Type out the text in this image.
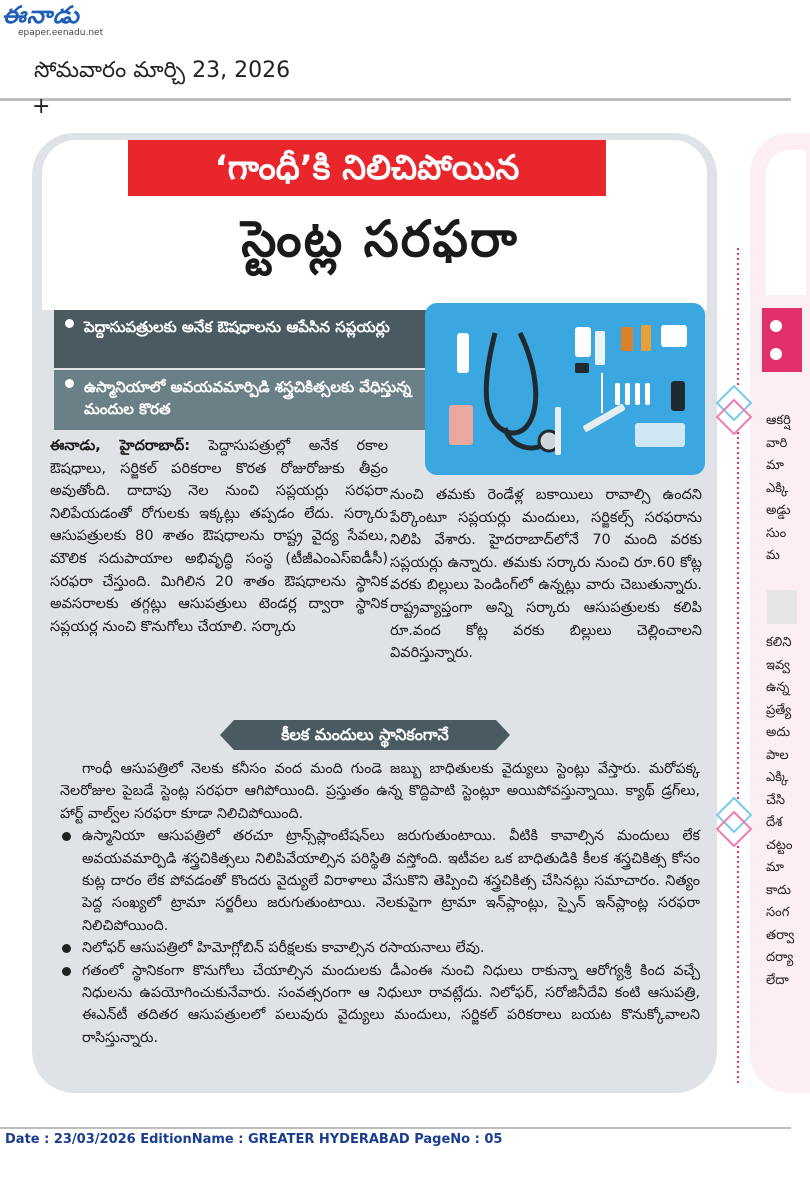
ఈనాడు
epaper.eenadu.net
సోమవారం మార్చి 23, 2026
+
‘గాంధీ’కి నిలిచిపోయిన
స్టెంట్ల సరఫరా
పెద్దాసుపత్రులకు అనేక ఔషధాలను ఆపేసిన సప్లయర్లు
ఉస్మానియాలో అవయవమార్పిడి శస్త్రచికిత్సలకు వేధిస్తున్న మందుల కొరత
ఈనాడు, హైదరాబాద్: పెద్దాసుపత్రుల్లో అనేక రకాల ఔషధాలు, సర్జికల్ పరికరాల కొరత రోజురోజుకు తీవ్రం అవుతోంది. దాదాపు నెల నుంచి సప్లయర్లు సరఫరా నిలిపేయడంతో రోగులకు ఇక్కట్లు తప్పడం లేదు. సర్కారు ఆసుపత్రులకు 80 శాతం ఔషధాలను రాష్ట్ర వైద్య సేవలు, మౌలిక సదుపాయాల అభివృద్ధి సంస్థ (టీజీఎంఎస్ఐడీసీ) సరఫరా చేస్తుంది. మిగిలిన 20 శాతం ఔషధాలను స్థానిక అవసరాలకు తగ్గట్లు ఆసుపత్రులు టెండర్ల ద్వారా స్థానిక సప్లయర్ల నుంచి కొనుగోలు చేయాలి. సర్కారు
నుంచి తమకు రెండేళ్ల బకాయిలు రావాల్సి ఉందని పేర్కొంటూ సప్లయర్లు మందులు, సర్జికల్స్ సరఫరాను నిలిపి వేశారు. హైదరాబాద్‌లోనే 70 మంది వరకు సప్లయర్లు ఉన్నారు. తమకు సర్కారు నుంచి రూ.60 కోట్ల వరకు బిల్లులు పెండింగ్‌లో ఉన్నట్లు వారు చెబుతున్నారు. రాష్ట్రవ్యాప్తంగా అన్ని సర్కారు ఆసుపత్రులకు కలిపి రూ.వంద కోట్ల వరకు బిల్లులు చెల్లించాలని వివరిస్తున్నారు.
కీలక మందులు స్థానికంగానే
గాంధీ ఆసుపత్రిలో నెలకు కనీసం వంద మంది గుండె జబ్బు బాధితులకు వైద్యులు స్టెంట్లు వేస్తారు. మరోపక్క నెలరోజుల పైబడే స్టెంట్ల సరఫరా ఆగిపోయింది. ప్రస్తుతం ఉన్న కొద్దిపాటి స్టెంట్లూ అయిపోవస్తున్నాయి. క్యాథ్ డ్రగ్‌లు, హార్ట్ వాల్వ్‌ల సరఫరా కూడా నిలిచిపోయింది.
ఉస్మానియా ఆసుపత్రిలో తరచూ ట్రాన్స్‌ప్లాంటేషన్‌లు జరుగుతుంటాయి. వీటికి కావాల్సిన మందులు లేక అవయవమార్పిడి శస్త్రచికిత్సలు నిలిపివేయాల్సిన పరిస్థితి వస్తోంది. ఇటీవల ఒక బాధితుడికి కీలక శస్త్రచికిత్స కోసం కుట్ల దారం లేక పోవడంతో కొందరు వైద్యులే విరాళాలు వేసుకొని తెప్పించి శస్త్రచికిత్స చేసినట్లు సమాచారం. నిత్యం పెద్ద సంఖ్యలో ట్రామా సర్జరీలు జరుగుతుంటాయి. నెలకుపైగా ట్రామా ఇన్‌ప్లాంట్లు, స్పైన్ ఇన్‌ప్లాంట్ల సరఫరా నిలిచిపోయింది.
నిలోఫర్ ఆసుపత్రిలో హిమోగ్లోబిన్ పరీక్షలకు కావాల్సిన రసాయనాలు లేవు.
గతంలో స్థానికంగా కొనుగోలు చేయాల్సిన మందులకు డీఎంఈ నుంచి నిధులు రాకున్నా ఆరోగ్యశ్రీ కింద వచ్చే నిధులను ఉపయోగించుకునేవారు. సంవత్సరంగా ఆ నిధులూ రావట్లేదు. నిలోఫర్, సరోజినీదేవి కంటి ఆసుపత్రి, ఈఎన్‌టీ తదితర ఆసుపత్రులలో పలువురు వైద్యులు మందులు, సర్జికల్ పరికరాలు బయట కొనుక్కోవాలని రాసిస్తున్నారు.
ఆకర్షి
వారి
మా
ఎక్కి
అడ్డు
సుం
మ
కలిని
ఇవ్వ
ఉన్న
ప్రత్యే
అదు
పాల
ఎక్కి
చేసి
దేశ
చట్టం
మా
కాదు
సంగ
తర్వా
దర్యా
లేదా
Date : 23/03/2026 EditionName : GREATER HYDERABAD PageNo : 05
